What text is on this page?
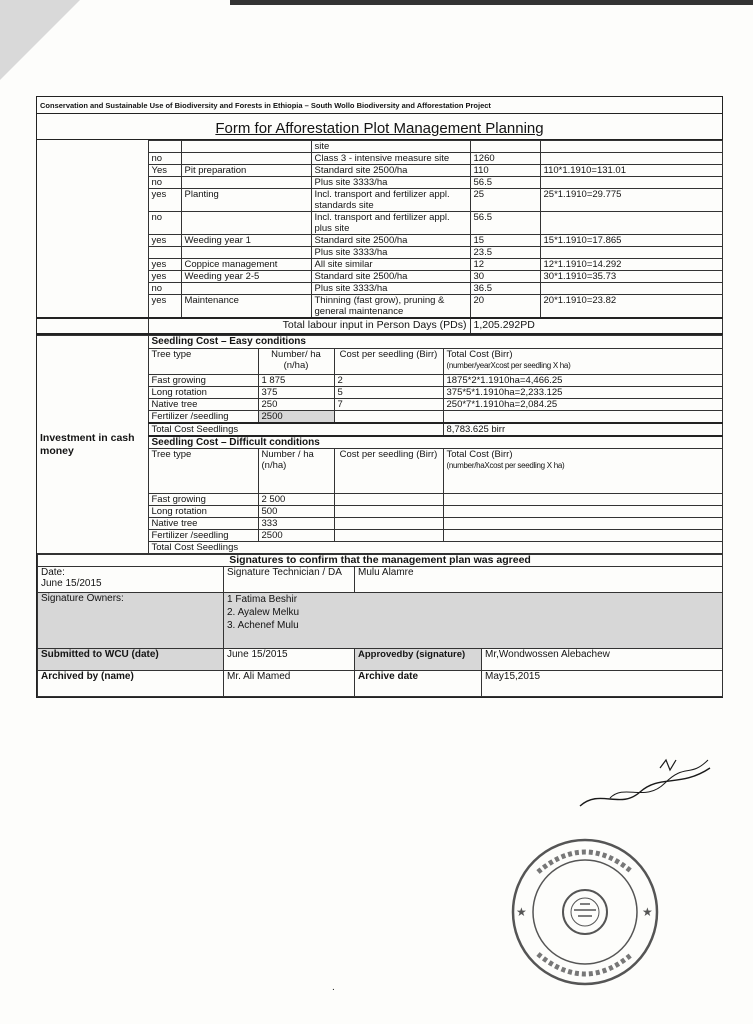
Conservation and Sustainable Use of Biodiversity and Forests in Ethiopia – South Wollo Biodiversity and Afforestation Project
Form for Afforestation Plot Management Planning
			site		
	no		Class 3 - intensive measure site	1260	
	Yes	Pit preparation	Standard site 2500/ha	110	110*1.1910=131.01
	no		Plus site 3333/ha	56.5	
	yes	Planting	Incl. transport and fertilizer appl. standards site	25	25*1.1910=29.775
	no		Incl. transport and fertilizer appl. plus site	56.5	
	yes	Weeding year 1	Standard site 2500/ha	15	15*1.1910=17.865
			Plus site 3333/ha	23.5	
	yes	Coppice management	All site similar	12	12*1.1910=14.292
	yes	Weeding year 2-5	Standard site 2500/ha	30	30*1.1910=35.73
	no		Plus site 3333/ha	36.5	
	yes	Maintenance	Thinning (fast grow), pruning & general maintenance	20	20*1.1910=23.82
	Total labour input in Person Days (PDs)			1,205.292PD	
Investment in cash money	Seedling Cost – Easy conditions			
	Tree type	Number/ ha (n/ha)	Cost per seedling (Birr)	Total Cost (Birr)
(number/yearXcost per seedling X ha)

	Fast growing	1 875	2	1875*2*1.1910ha=4,466.25
	Long rotation	375	5	375*5*1.1910ha=2,233.125
	Native tree	250	7	250*7*1.1910ha=2,084.25
	Fertilizer /seedling	2500		
	Total Cost Seedlings			8,783.625 birr
	Seedling Cost – Difficult conditions			
	Tree type	Number / ha (n/ha)	Cost per seedling (Birr)	Total Cost (Birr)
(number/haXcost per seedling X ha)

	Fast growing	2 500		
	Long rotation	500		
	Native tree	333		
	Fertilizer /seedling	2500		
	Total Cost Seedlings			
Signatures to confirm that the management plan was agreed			

Date:
June 15/2015	Signature Technician / DA	Mulu Alamre	
Signature Owners:	1 Fatima Beshir
2. Ayalew Melku
3. Achenef Mulu		

Submitted to WCU (date)	June 15/2015	Approvedby (signature)	Mr,Wondwossen Alebachew
Archived by (name)	Mr. Ali Mamed	Archive date	May15,2015
★	★
.
